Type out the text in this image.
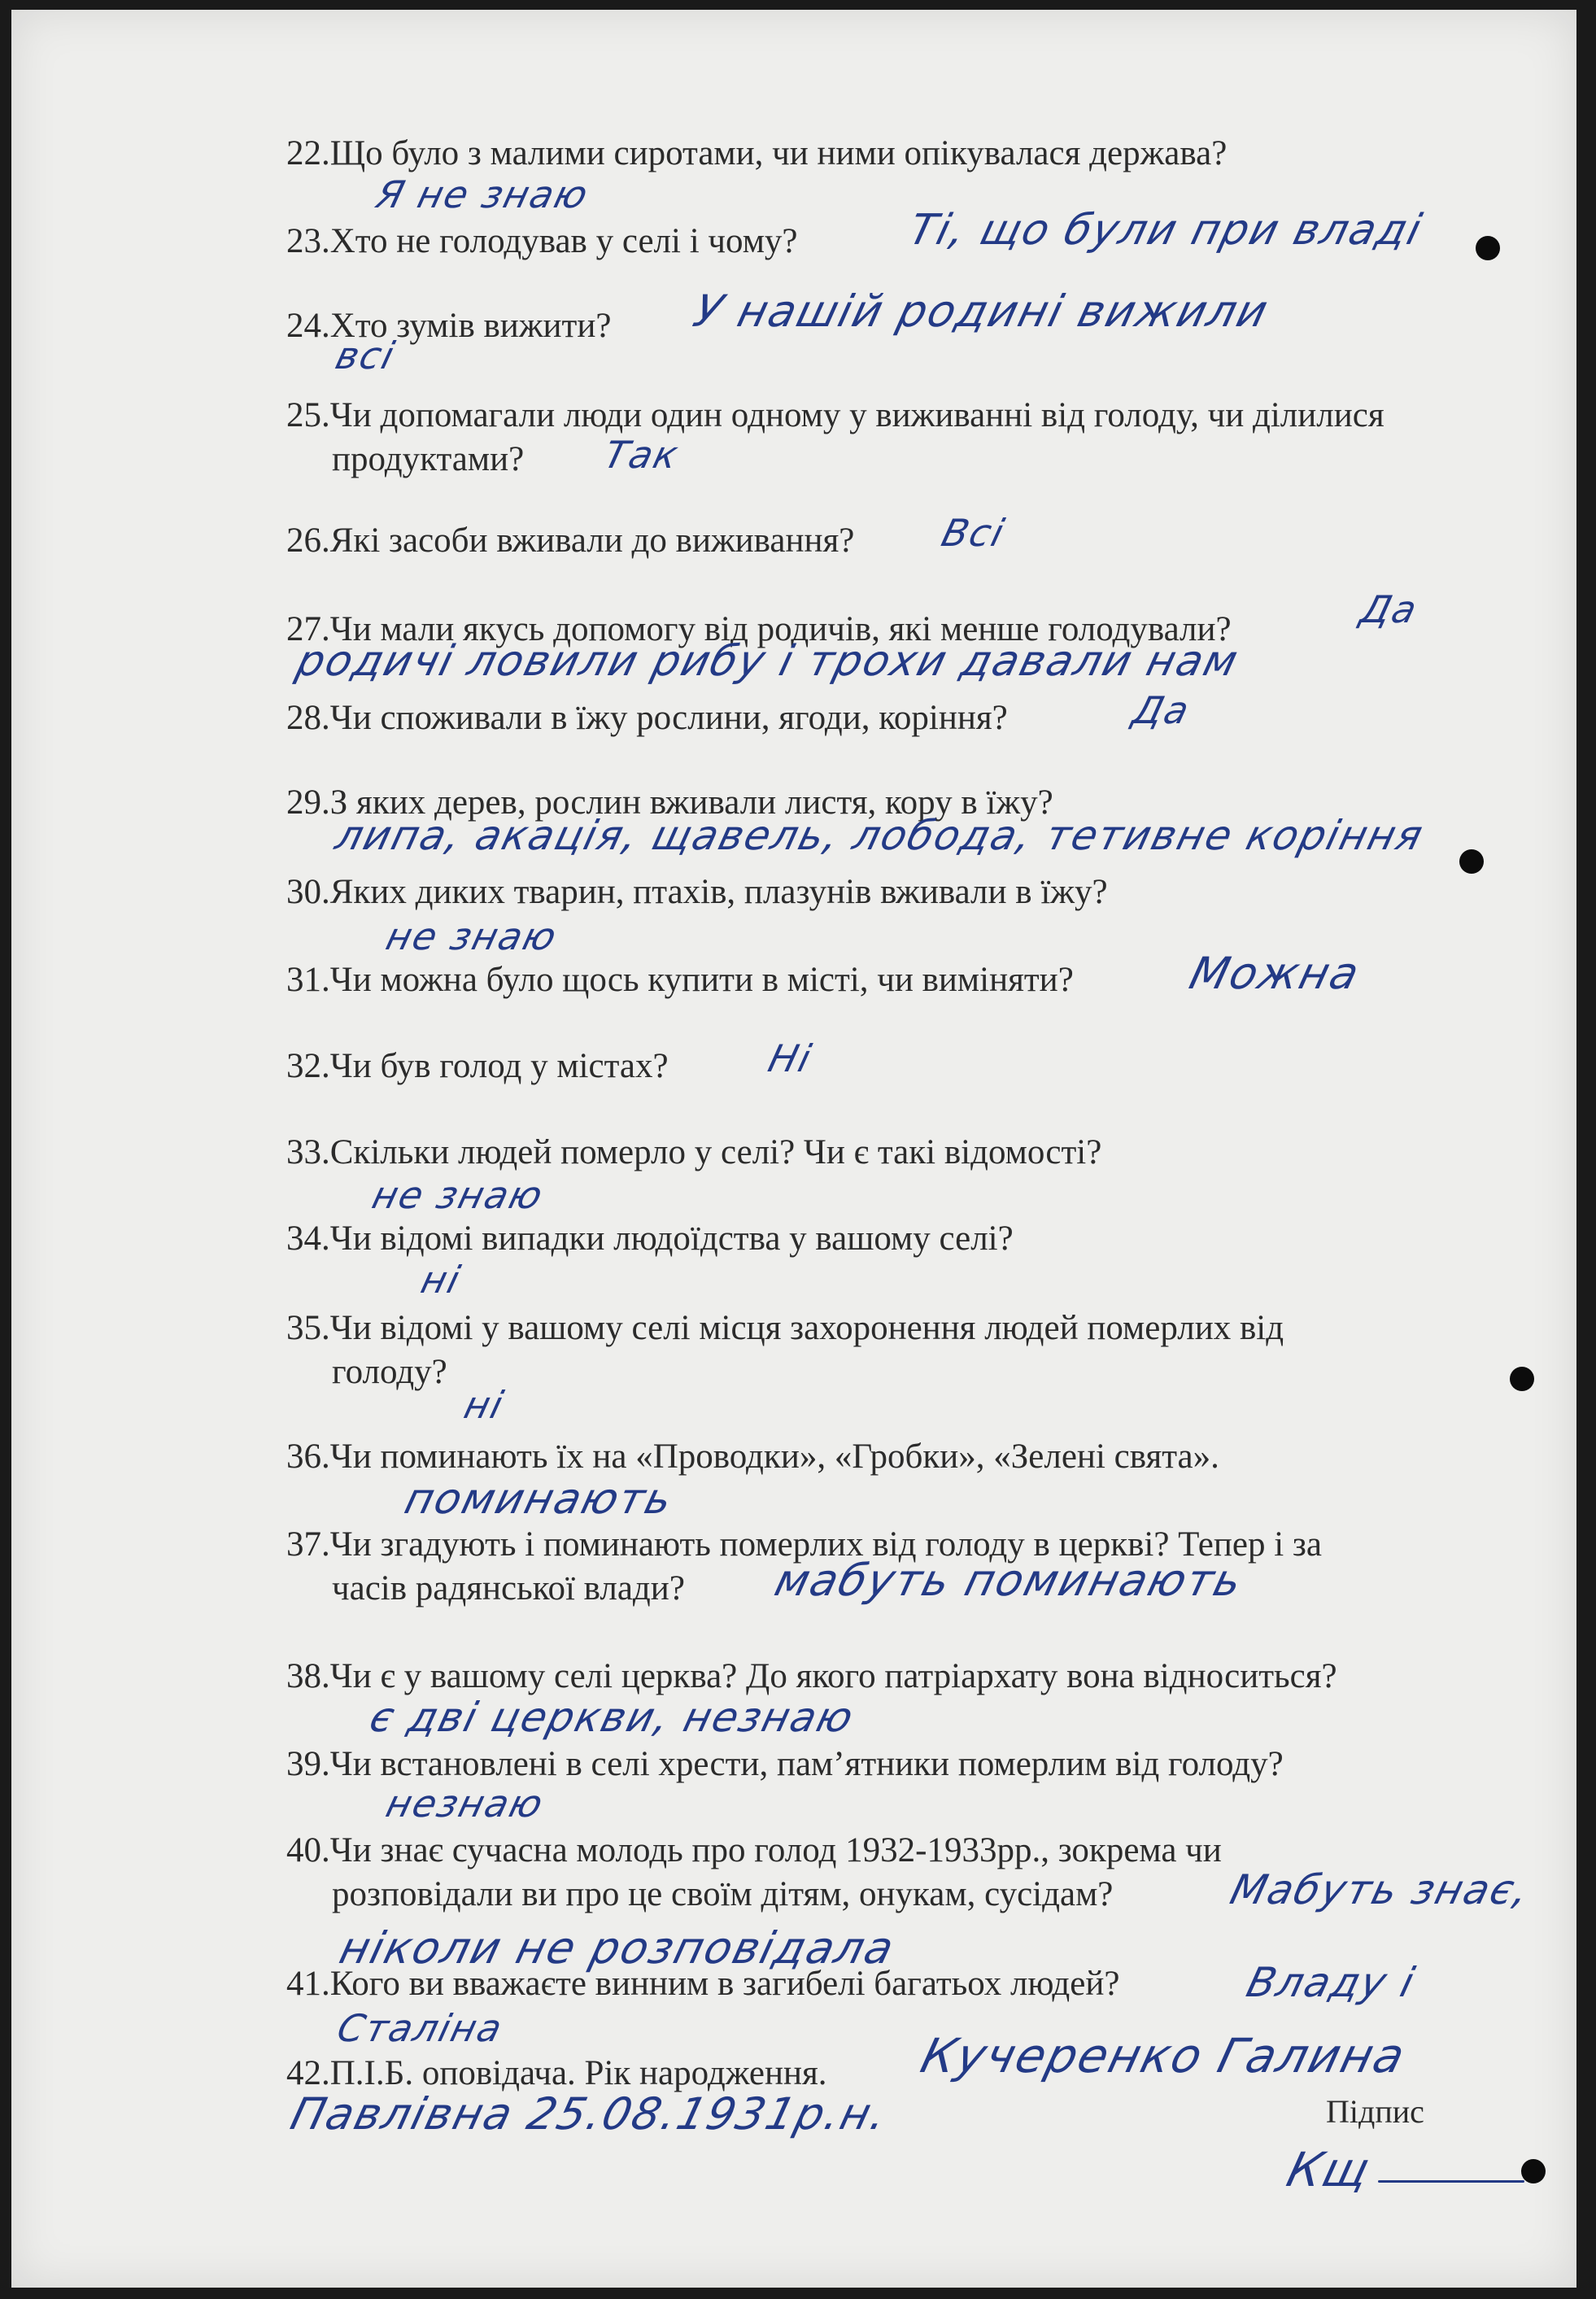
22.Що було з малими сиротами, чи ними опікувалася держава?
Я не знаю
23.Хто не голодував у селі і чому?	Ті, що були при владі
24.Хто зумів вижити?	У нашій родині вижили
всі
25.Чи допомагали люди один одному у виживанні від голоду, чи ділилися
продуктами?	Так
26.Які засоби вживали до виживання?	Всі
27.Чи мали якусь допомогу від родичів, які менше голодували?	Да
родичі ловили рибу і трохи давали нам
28.Чи споживали в їжу рослини, ягоди, коріння?	Да
29.З яких дерев, рослин вживали листя, кору в їжу?
липа, акація, щавель, лобода, тетивне коріння
30.Яких диких тварин, птахів, плазунів вживали в їжу?
не знаю
31.Чи можна було щось купити в місті, чи виміняти?	Можна
32.Чи був голод у містах?	Ні
33.Скільки людей померло у селі? Чи є такі відомості?
не знаю
34.Чи відомі випадки людоїдства у вашому селі?
ні
35.Чи відомі у вашому селі місця захоронення людей померлих від
голоду?
ні
36.Чи поминають їх на «Проводки», «Гробки», «Зелені свята».
поминають
37.Чи згадують і поминають померлих від голоду в церкві? Тепер і за
часів радянської влади?	мабуть поминають
38.Чи є у вашому селі церква? До якого патріархату вона відноситься?
є дві церкви, незнаю
39.Чи встановлені в селі хрести, пам’ятники померлим від голоду?
незнаю
40.Чи знає сучасна молодь про голод 1932-1933рр., зокрема чи
розповідали ви про це своїм дітям, онукам, сусідам?	Мабуть знає,
ніколи не розповідала
41.Кого ви вважаєте винним в загибелі багатьох людей?	Владу і
Сталіна
42.П.І.Б. оповідача. Рік народження.	Кучеренко Галина
Павлівна 25.08.1931р.н.	Підпис
Кщ
